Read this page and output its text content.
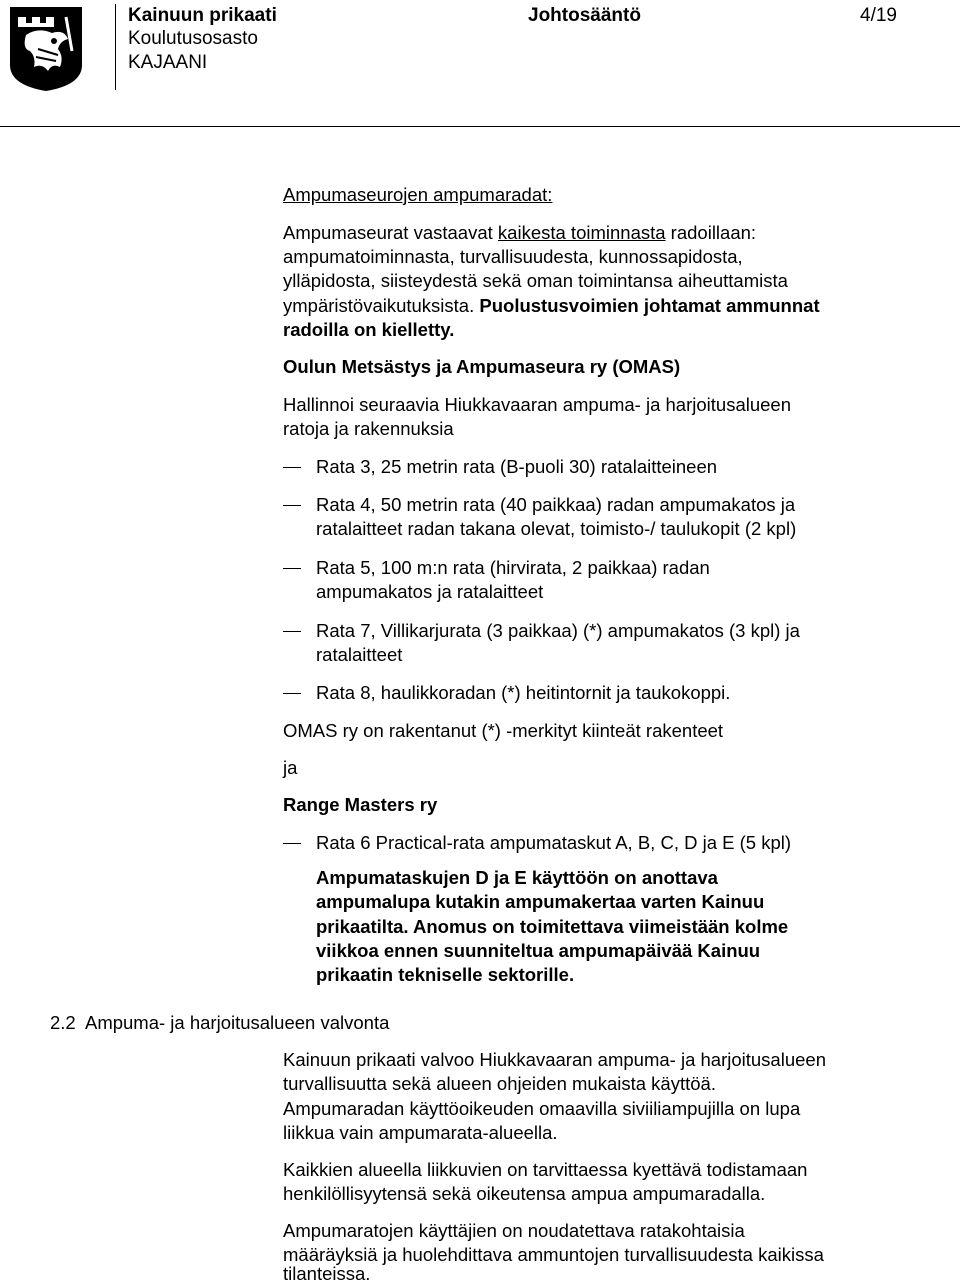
Kainuun prikaati
Koulutusosasto
KAJAANI
Johtosääntö	4/19
Ampumaseurojen ampumaradat:
Ampumaseurat vastaavat kaikesta toiminnasta radoillaan:
ampumatoiminnasta, turvallisuudesta, kunnossapidosta,
ylläpidosta, siisteydestä sekä oman toimintansa aiheuttamista
ympäristövaikutuksista. Puolustusvoimien johtamat ammunnat
radoilla on kielletty.
Oulun Metsästys ja Ampumaseura ry (OMAS)
Hallinnoi seuraavia Hiukkavaaran ampuma- ja harjoitusalueen
ratoja ja rakennuksia
Rata 3, 25 metrin rata (B-puoli 30) ratalaitteineen
Rata 4, 50 metrin rata (40 paikkaa) radan ampumakatos ja
ratalaitteet radan takana olevat, toimisto-/ taulukopit (2 kpl)
Rata 5, 100 m:n rata (hirvirata, 2 paikkaa) radan
ampumakatos ja ratalaitteet
Rata 7, Villikarjurata (3 paikkaa) (*) ampumakatos (3 kpl) ja
ratalaitteet
Rata 8, haulikkoradan (*) heitintornit ja taukokoppi.
OMAS ry on rakentanut (*) -merkityt kiinteät rakenteet
ja
Range Masters ry
Rata 6 Practical-rata ampumataskut A, B, C, D ja E (5 kpl)
Ampumataskujen D ja E käyttöön on anottava
ampumalupa kutakin ampumakertaa varten Kainuu
prikaatilta. Anomus on toimitettava viimeistään kolme
viikkoa ennen suunniteltua ampumapäivää Kainuu
prikaatin tekniselle sektorille.
2.2  Ampuma- ja harjoitusalueen valvonta
Kainuun prikaati valvoo Hiukkavaaran ampuma- ja harjoitusalueen
turvallisuutta sekä alueen ohjeiden mukaista käyttöä.
Ampumaradan käyttöoikeuden omaavilla siviiliampujilla on lupa
liikkua vain ampumarata-alueella.
Kaikkien alueella liikkuvien on tarvittaessa kyettävä todistamaan
henkilöllisyytensä sekä oikeutensa ampua ampumaradalla.
Ampumaratojen käyttäjien on noudatettava ratakohtaisia
määräyksiä ja huolehdittava ammuntojen turvallisuudesta kaikissa
tilanteissa.
